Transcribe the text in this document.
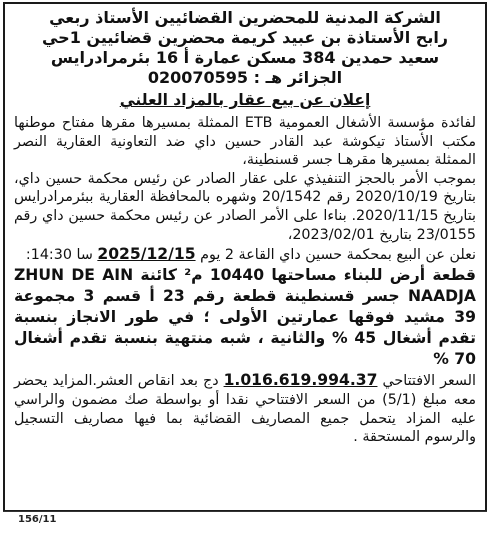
الشركة المدنية للمحضرين القضائيين الأستاذ ربعي

رابح الأستاذة بن عبيد كريمة محضرين قضائيين 1حي

سعيد حمدين 384 مسكن عمارة أ 16 بئرمرادرايس

الجزائر هـ : 020070595

إعلان عن بيع عقار بالمزاد العلني

لفائدة مؤسسة الأشغال العمومية ETB الممثلة بمسيرها مقرها مفتاح موطنها مكتب الأستاذ تيكوشة عبد القادر حسين داي ضد التعاونية العقارية النصر الممثلة بمسيرها مقرهـا جسر قسنطينة،

بموجب الأمر بالحجز التنفيذي على عقار الصادر عن رئيس محكمة حسين داي، بتاريخ 2020/10/19 رقم 20/1542 وشهره بالمحافظة العقارية ببئرمرادرايس بتاريخ 2020/11/15. بناءا على الأمر الصادر عن رئيس محكمة حسين داي رقم 23/0155 بتاريخ 2023/02/01،

نعلن عن البيع بمحكمة حسين داي القاعة 2 يوم 2025/12/15 سا 14:30:

قطعة أرض للبناء مساحتها 10440 م² كائنة ZHUN DE AIN NAADJA جسر قسنطينة قطعة رقم 23 أ قسم 3 مجموعة 39 مشيد فوقها عمارتين الأولى ؛ في طور الانجاز بنسبة تقدم أشغال 45 % والثانية ، شبه منتهية بنسبة تقدم أشغال 70 %

السعر الافتتاحي 1.016.619.994.37 دج بعد انقاص العشر.المزايد يحضر معه مبلغ (5/1) من السعر الافتتاحي نقدا أو بواسطة صك مضمون والراسي عليه المزاد يتحمل جميع المصاريف القضائية بما فيها مصاريف التسجيل والرسوم المستحقة .

156/11
